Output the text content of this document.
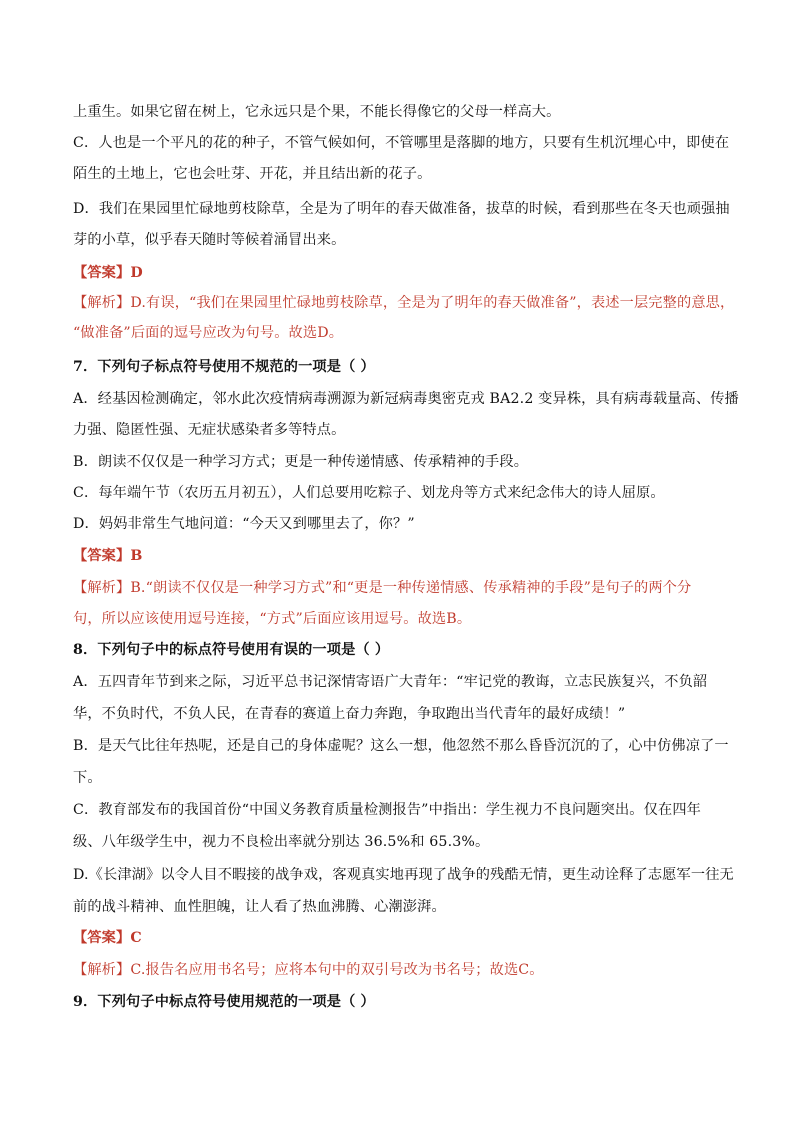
上重生。如果它留在树上，它永远只是个果，不能长得像它的父母一样高大。
C．人也是一个平凡的花的种子，不管气候如何，不管哪里是落脚的地方，只要有生机沉埋心中，即使在
陌生的土地上，它也会吐芽、开花，并且结出新的花子。
D．我们在果园里忙碌地剪枝除草，全是为了明年的春天做准备，拔草的时候，看到那些在冬天也顽强抽
芽的小草，似乎春天随时等候着涌冒出来。
【答案】D
【解析】D.有误，“我们在果园里忙碌地剪枝除草，全是为了明年的春天做准备”，表述一层完整的意思，
“做准备”后面的逗号应改为句号。故选D。
7．下列句子标点符号使用不规范的一项是（ ）
A．经基因检测确定，邻水此次疫情病毒溯源为新冠病毒奥密克戎 BA2.2 变异株，具有病毒载量高、传播
力强、隐匿性强、无症状感染者多等特点。
B．朗读不仅仅是一种学习方式；更是一种传递情感、传承精神的手段。
C．每年端午节（农历五月初五），人们总要用吃粽子、划龙舟等方式来纪念伟大的诗人屈原。
D．妈妈非常生气地问道：“今天又到哪里去了，你？”
【答案】B
【解析】B.“朗读不仅仅是一种学习方式”和“更是一种传递情感、传承精神的手段”是句子的两个分
句，所以应该使用逗号连接，“方式”后面应该用逗号。故选B。
8．下列句子中的标点符号使用有误的一项是（ ）
A．五四青年节到来之际，习近平总书记深情寄语广大青年：“牢记党的教诲，立志民族复兴，不负韶
华，不负时代，不负人民，在青春的赛道上奋力奔跑，争取跑出当代青年的最好成绩！”
B．是天气比往年热呢，还是自己的身体虚呢？这么一想，他忽然不那么昏昏沉沉的了，心中仿佛凉了一
下。
C．教育部发布的我国首份“中国义务教育质量检测报告”中指出：学生视力不良问题突出。仅在四年
级、八年级学生中，视力不良检出率就分别达 36.5%和 65.3%。
D.《长津湖》以令人目不暇接的战争戏，客观真实地再现了战争的残酷无情，更生动诠释了志愿军一往无
前的战斗精神、血性胆魄，让人看了热血沸腾、心潮澎湃。
【答案】C
【解析】C.报告名应用书名号；应将本句中的双引号改为书名号；故选C。
9．下列句子中标点符号使用规范的一项是（ ）
